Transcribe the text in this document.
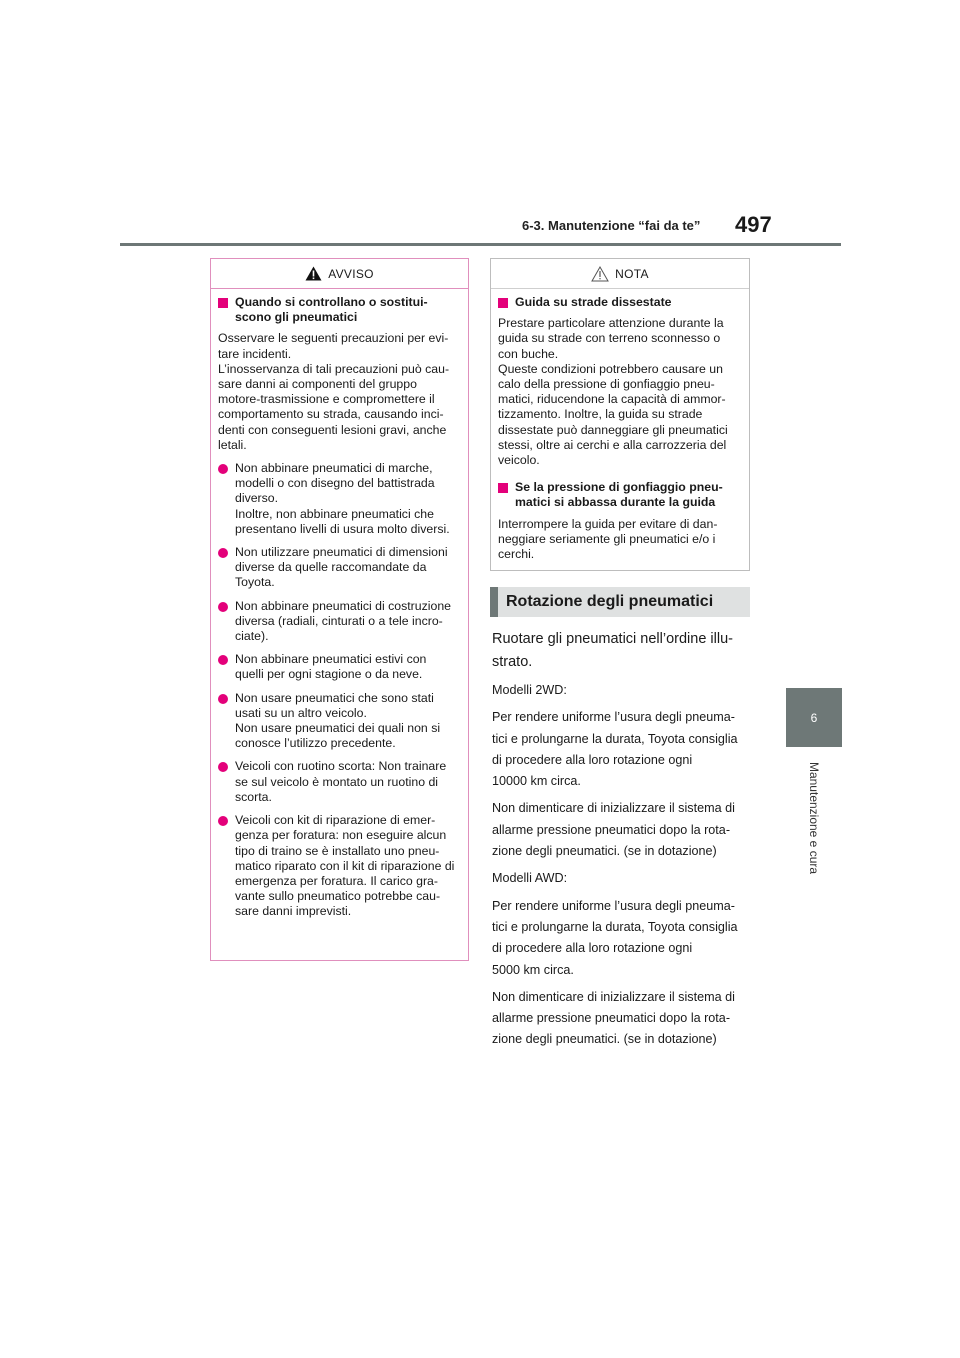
6-3. Manutenzione “fai da te” 497
6
Manutenzione e cura
AVVISO
Quando si controllano o sostitui-
scono gli pneumatici
Osservare le seguenti precauzioni per evi-
tare incidenti.
L’inosservanza di tali precauzioni può cau-
sare danni ai componenti del gruppo
motore-trasmissione e compromettere il
comportamento su strada, causando inci-
denti con conseguenti lesioni gravi, anche
letali.
Non abbinare pneumatici di marche,
modelli o con disegno del battistrada
diverso.
Inoltre, non abbinare pneumatici che
presentano livelli di usura molto diversi.
Non utilizzare pneumatici di dimensioni
diverse da quelle raccomandate da
Toyota.
Non abbinare pneumatici di costruzione
diversa (radiali, cinturati o a tele incro-
ciate).
Non abbinare pneumatici estivi con
quelli per ogni stagione o da neve.
Non usare pneumatici che sono stati
usati su un altro veicolo.
Non usare pneumatici dei quali non si
conosce l’utilizzo precedente.
Veicoli con ruotino scorta: Non trainare
se sul veicolo è montato un ruotino di
scorta.
Veicoli con kit di riparazione di emer-
genza per foratura: non eseguire alcun
tipo di traino se è installato uno pneu-
matico riparato con il kit di riparazione di
emergenza per foratura. Il carico gra-
vante sullo pneumatico potrebbe cau-
sare danni imprevisti.
NOTA
Guida su strade dissestate
Prestare particolare attenzione durante la
guida su strade con terreno sconnesso o
con buche.
Queste condizioni potrebbero causare un
calo della pressione di gonfiaggio pneu-
matici, riducendone la capacità di ammor-
tizzamento. Inoltre, la guida su strade
dissestate può danneggiare gli pneumatici
stessi, oltre ai cerchi e alla carrozzeria del
veicolo.
Se la pressione di gonfiaggio pneu-
matici si abbassa durante la guida
Interrompere la guida per evitare di dan-
neggiare seriamente gli pneumatici e/o i
cerchi.
Rotazione degli pneumatici
Ruotare gli pneumatici nell’ordine illu-
strato.
Modelli 2WD:
Per rendere uniforme l’usura degli pneuma-
tici e prolungarne la durata, Toyota consiglia
di procedere alla loro rotazione ogni
10000 km circa.
Non dimenticare di inizializzare il sistema di
allarme pressione pneumatici dopo la rota-
zione degli pneumatici. (se in dotazione)
Modelli AWD:
Per rendere uniforme l’usura degli pneuma-
tici e prolungarne la durata, Toyota consiglia
di procedere alla loro rotazione ogni
5000 km circa.
Non dimenticare di inizializzare il sistema di
allarme pressione pneumatici dopo la rota-
zione degli pneumatici. (se in dotazione)
